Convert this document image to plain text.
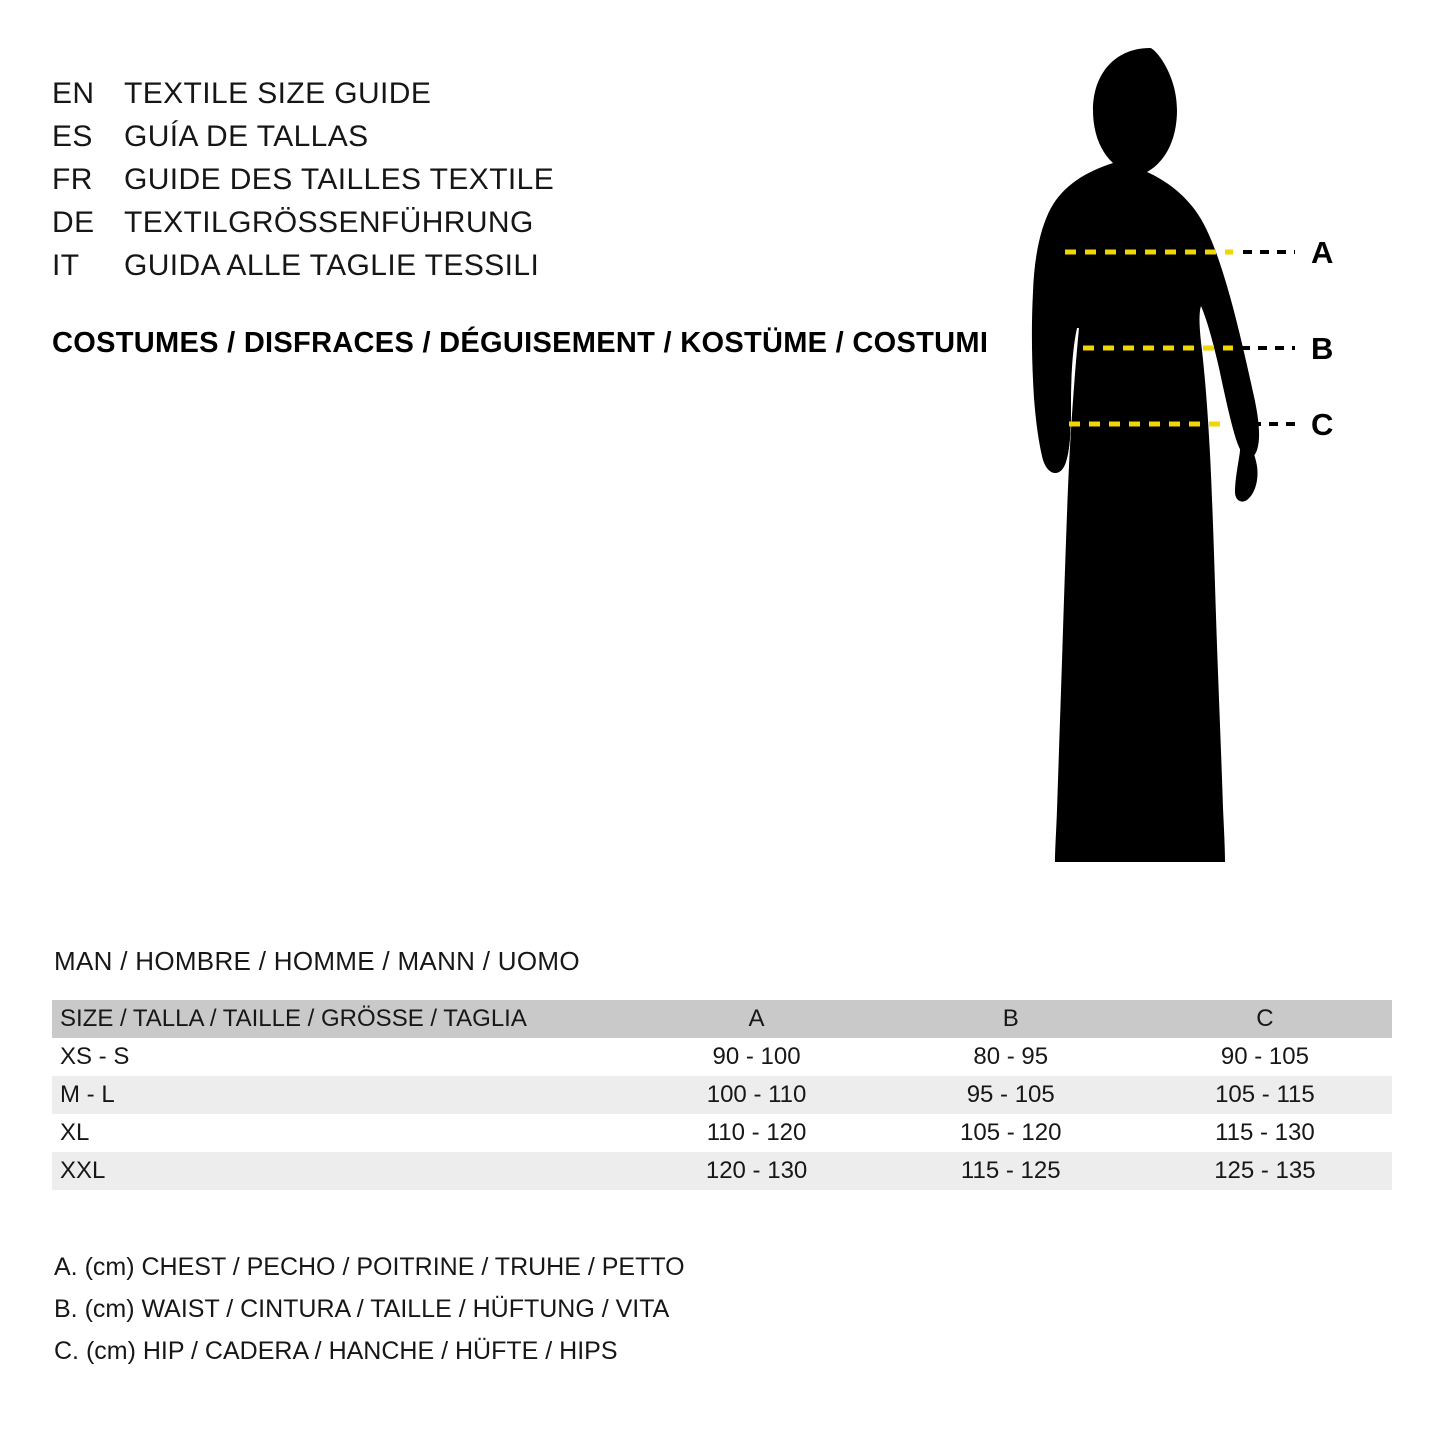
EN TEXTILE SIZE GUIDE
ES	GUÍA DE TALLAS
FR	GUIDE DES TAILLES TEXTILE
DE TEXTILGRÖSSENFÜHRUNG
IT	GUIDA ALLE TAGLIE TESSILI
COSTUMES / DISFRACES / DÉGUISEMENT / KOSTÜME / COSTUMI
A
B
C
MAN / HOMBRE / HOMME / MANN / UOMO
SIZE / TALLA / TAILLE / GRÖSSE / TAGLIA	A	B	C
XS - S	90 - 100	80 - 95	90 - 105
M - L	100 - 110	95 - 105	105 - 115
XL	110 - 120	105 - 120	115 - 130
XXL	120 - 130	115 - 125	125 - 135
A. (cm) CHEST / PECHO / POITRINE / TRUHE / PETTO
B. (cm) WAIST / CINTURA / TAILLE / HÜFTUNG / VITA
C. (cm) HIP / CADERA / HANCHE / HÜFTE / HIPS
